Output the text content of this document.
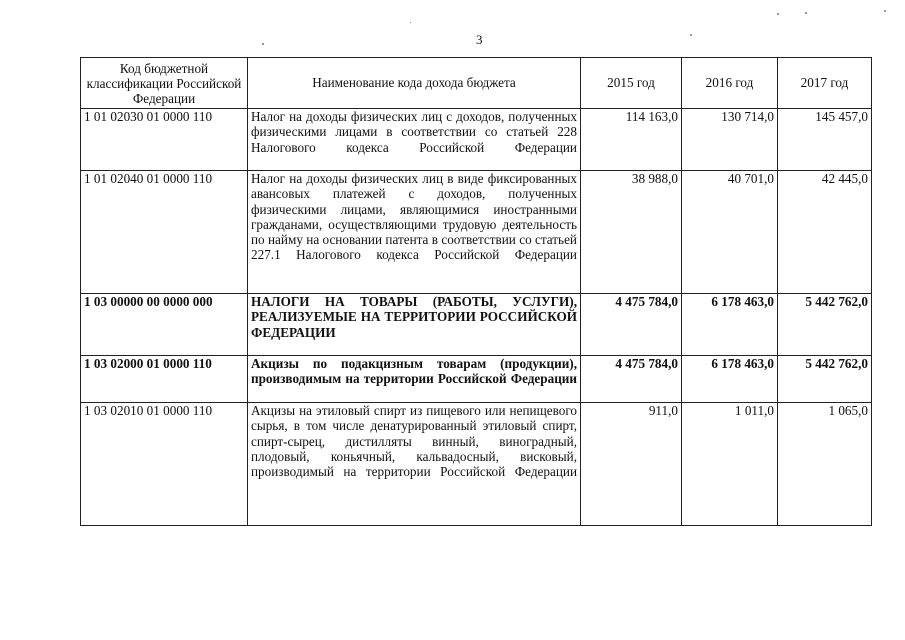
3
Код бюджетной классификации Российской Федерации	Наименование кода дохода бюджета	2015 год	2016 год	2017 год
1 01 02030 01 0000 110	Налог на доходы физических лиц с доходов, полученных физическими лицами в соответствии со статьей 228 Налогового кодекса Российской Федерации	114 163,0	130 714,0	145 457,0
1 01 02040 01 0000 110	Налог на доходы физических лиц в виде фиксированных авансовых платежей с доходов, полученных физическими лицами, являющимися иностранными гражданами, осуществляющими трудовую деятельность по найму на основании патента в соответствии со статьей 227.1 Налогового кодекса Российской Федерации	38 988,0	40 701,0	42 445,0
1 03 00000 00 0000 000	НАЛОГИ НА ТОВАРЫ (РАБОТЫ, УСЛУГИ), РЕАЛИЗУЕМЫЕ НА ТЕРРИТОРИИ РОССИЙСКОЙ ФЕДЕРАЦИИ	4 475 784,0	6 178 463,0	5 442 762,0
1 03 02000 01 0000 110	Акцизы по подакцизным товарам (продукции), производимым на территории Российской Федерации	4 475 784,0	6 178 463,0	5 442 762,0
1 03 02010 01 0000 110	Акцизы на этиловый спирт из пищевого или непищевого сырья, в том числе денатурированный этиловый спирт, спирт-сырец, дистилляты винный, виноградный, плодовый, коньячный, кальвадосный, висковый, производимый на территории Российской Федерации	911,0	1 011,0	1 065,0
